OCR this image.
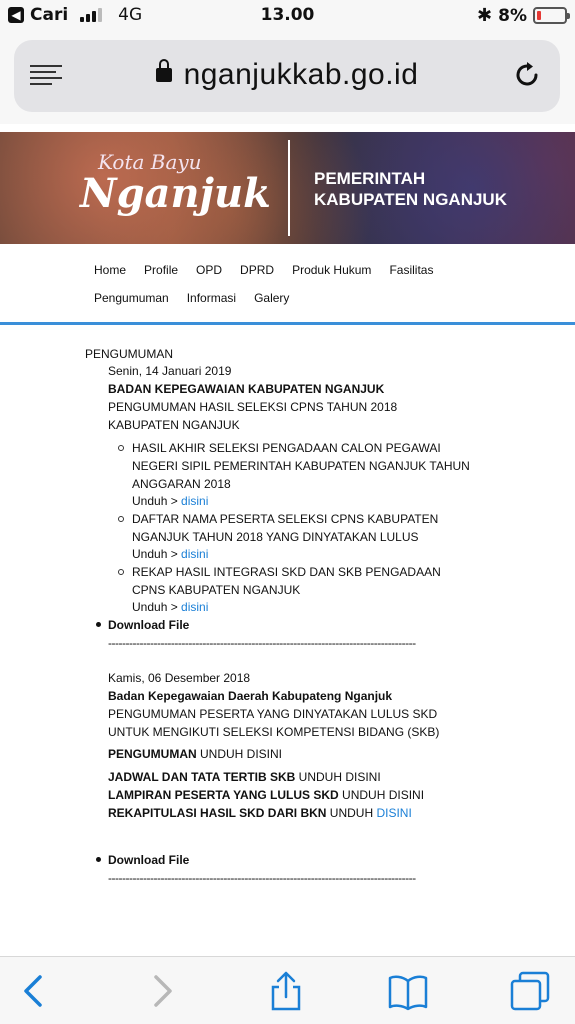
◀ Cari	4G	13.00	✱ 8%
nganjukkab.go.id
Kota Bayu
Nganjuk	PEMERINTAH
KABUPATEN NGANJUK
Home Profile OPD DPRD Produk Hukum Fasilitas
Pengumuman Informasi Galery
PENGUMUMAN
Senin, 14 Januari 2019
BADAN KEPEGAWAIAN KABUPATEN NGANJUK
PENGUMUMAN HASIL SELEKSI CPNS TAHUN 2018 KABUPATEN NGANJUK
HASIL AKHIR SELEKSI PENGADAAN CALON PEGAWAI NEGERI SIPIL PEMERINTAH KABUPATEN NGANJUK TAHUN ANGGARAN 2018
Unduh > disini
DAFTAR NAMA PESERTA SELEKSI CPNS KABUPATEN NGANJUK TAHUN 2018 YANG DINYATAKAN LULUS
Unduh > disini
REKAP HASIL INTEGRASI SKD DAN SKB PENGADAAN CPNS KABUPATEN NGANJUK
Unduh > disini
Download File
----------------------------------------------------------------------------------------
Kamis, 06 Desember 2018
Badan Kepegawaian Daerah Kabupateng Nganjuk
PENGUMUMAN PESERTA YANG DINYATAKAN LULUS SKD UNTUK MENGIKUTI SELEKSI KOMPETENSI BIDANG (SKB)
PENGUMUMAN UNDUH DISINI
JADWAL DAN TATA TERTIB SKB UNDUH DISINI
LAMPIRAN PESERTA YANG LULUS SKD UNDUH DISINI
REKAPITULASI HASIL SKD DARI BKN UNDUH DISINI
Download File
----------------------------------------------------------------------------------------
